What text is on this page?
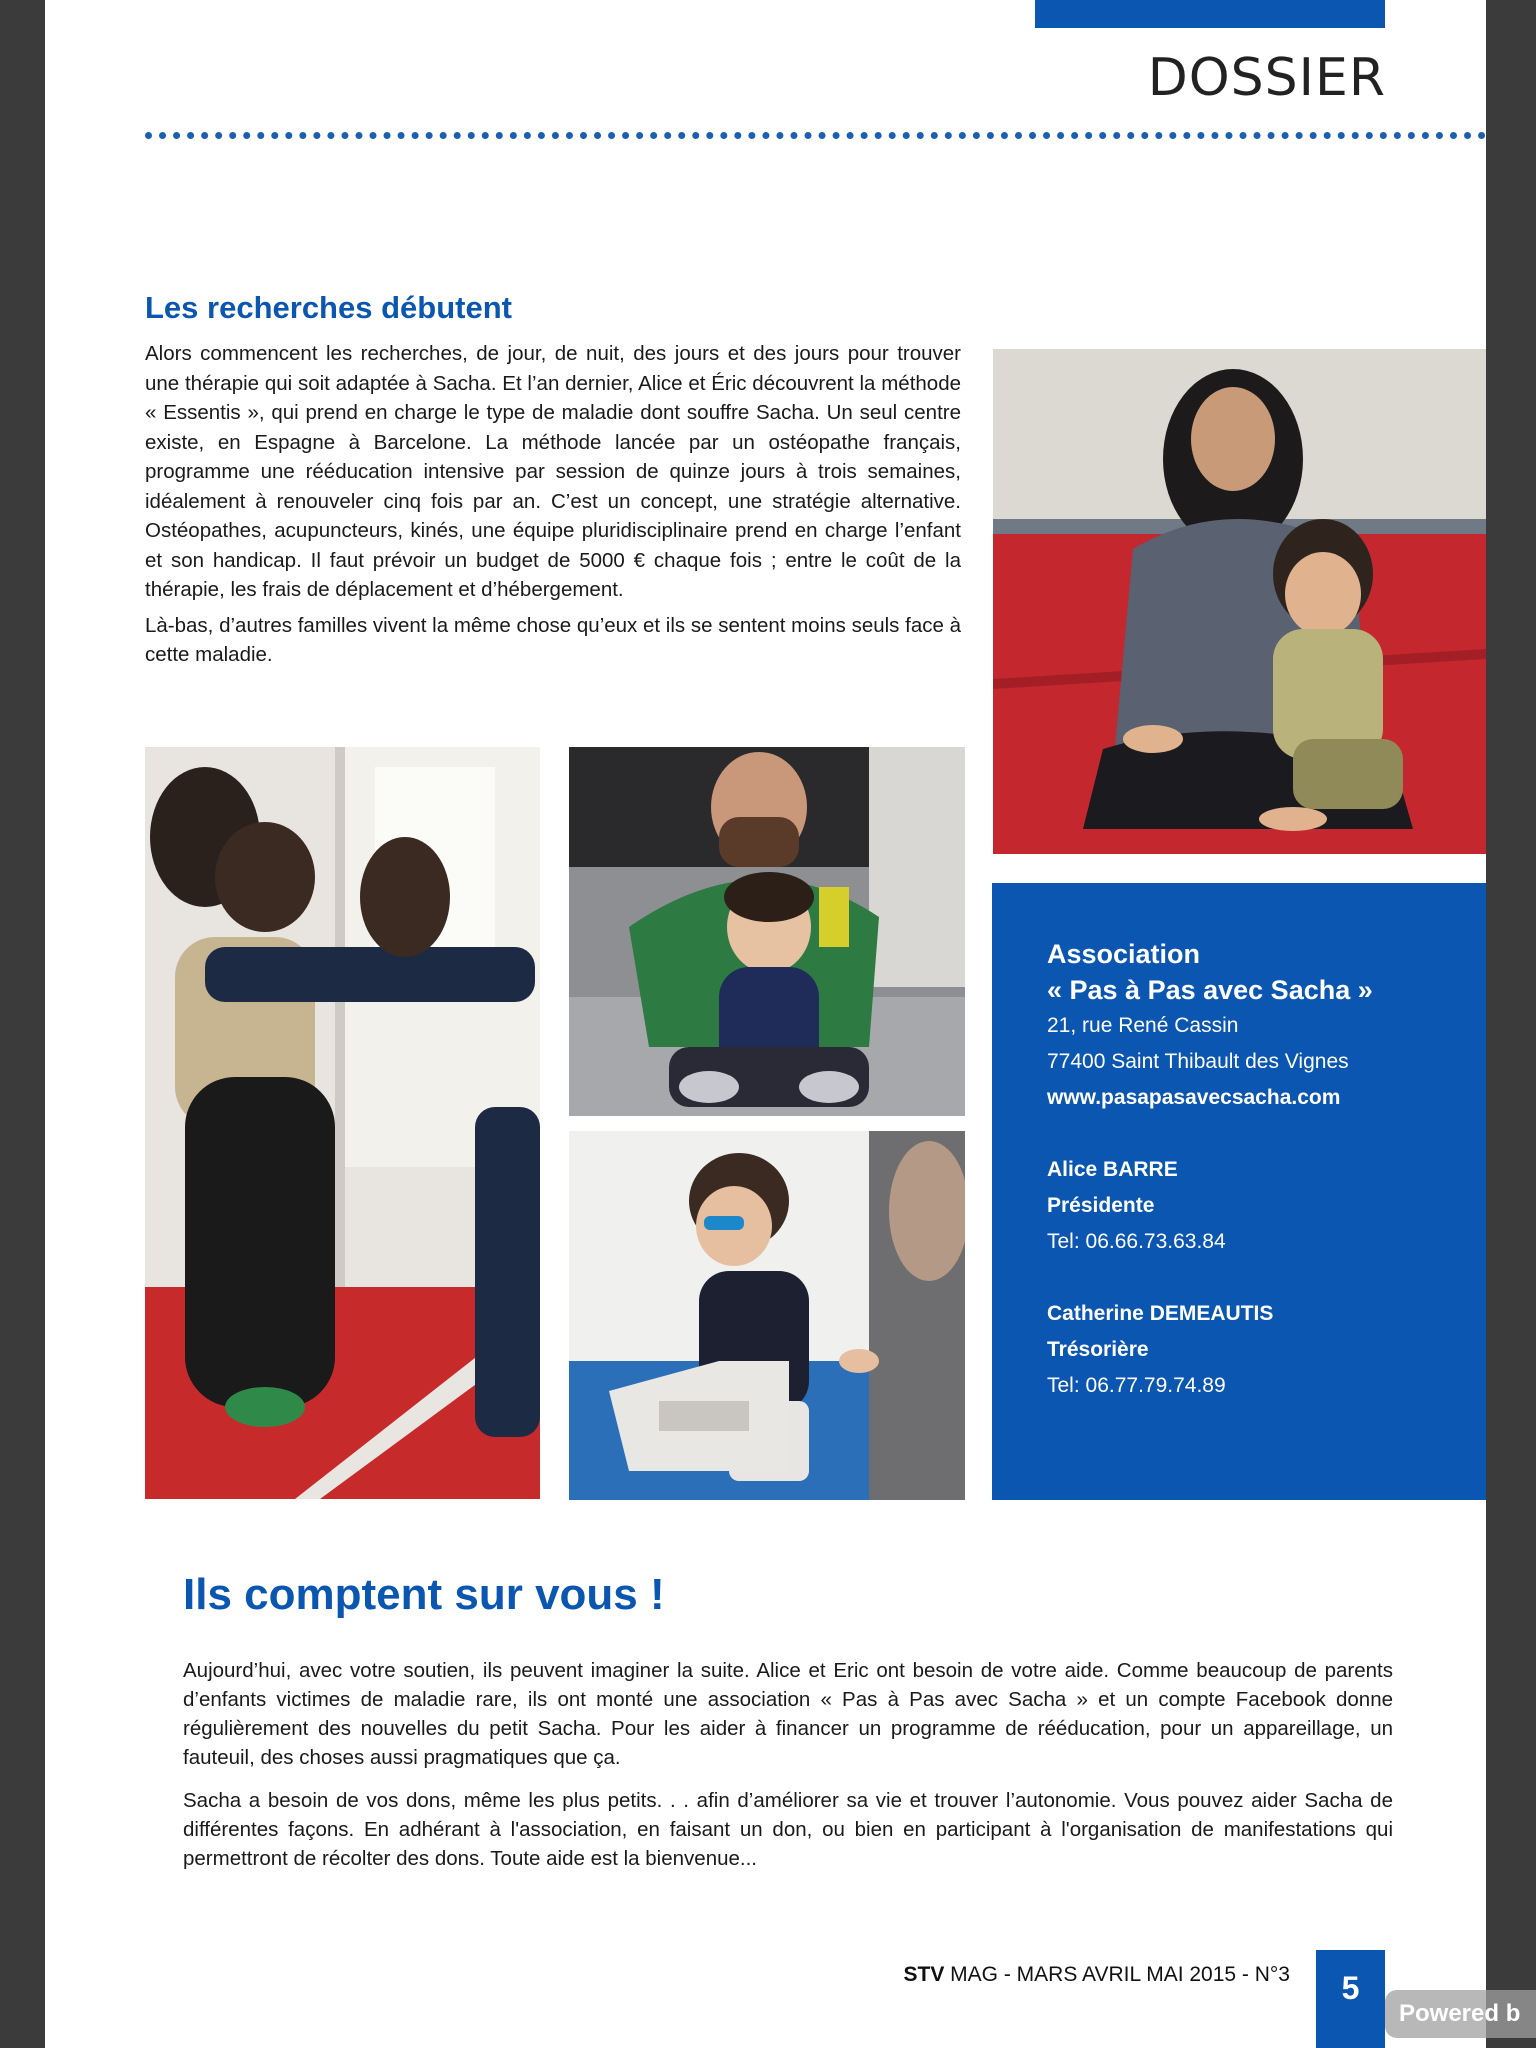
DOSSIER
Les recherches débutent

Alors commencent les recherches, de jour, de nuit, des jours et des jours pour trouver une thérapie qui soit adaptée à Sacha. Et l’an dernier, Alice et Éric découvrent la méthode « Essentis », qui prend en charge le type de maladie dont souffre Sacha. Un seul centre existe, en Espagne à Barcelone. La méthode lancée par un ostéopathe français, programme une rééducation intensive par session de quinze jours à trois semaines, idéalement à renouveler cinq fois par an. C’est un concept, une stratégie alternative. Ostéopathes, acupuncteurs, kinés, une équipe pluridisciplinaire prend en charge l’enfant et son handicap. Il faut prévoir un budget de 5000 € chaque fois ; entre le coût de la thérapie, les frais de déplacement et d’hébergement.

Là-bas, d’autres familles vivent la même chose qu’eux et ils se sentent moins seuls face à cette maladie.

Association
« Pas à Pas avec Sacha »
21, rue René Cassin
77400 Saint Thibault des Vignes
www.pasapasavecsacha.com
Alice BARRE
Présidente
Tel: 06.66.73.63.84
Catherine DEMEAUTIS
Trésorière
Tel: 06.77.79.74.89
Ils comptent sur vous !

Aujourd’hui, avec votre soutien, ils peuvent imaginer la suite. Alice et Eric ont besoin de votre aide. Comme beaucoup de parents d’enfants victimes de maladie rare, ils ont monté une association « Pas à Pas avec Sacha » et un compte Facebook donne régulièrement des nouvelles du petit Sacha. Pour les aider à financer un programme de rééducation, pour un appareillage, un fauteuil, des choses aussi pragmatiques que ça.

Sacha a besoin de vos dons, même les plus petits. . . afin d’améliorer sa vie et trouver l’autonomie. Vous pouvez aider Sacha de différentes façons. En adhérant à l'association, en faisant un don, ou bien en participant à l'organisation de manifestations qui permettront de récolter des dons. Toute aide est la bienvenue...

STV MAG - MARS AVRIL MAI 2015 - N°3	5
Powered b
